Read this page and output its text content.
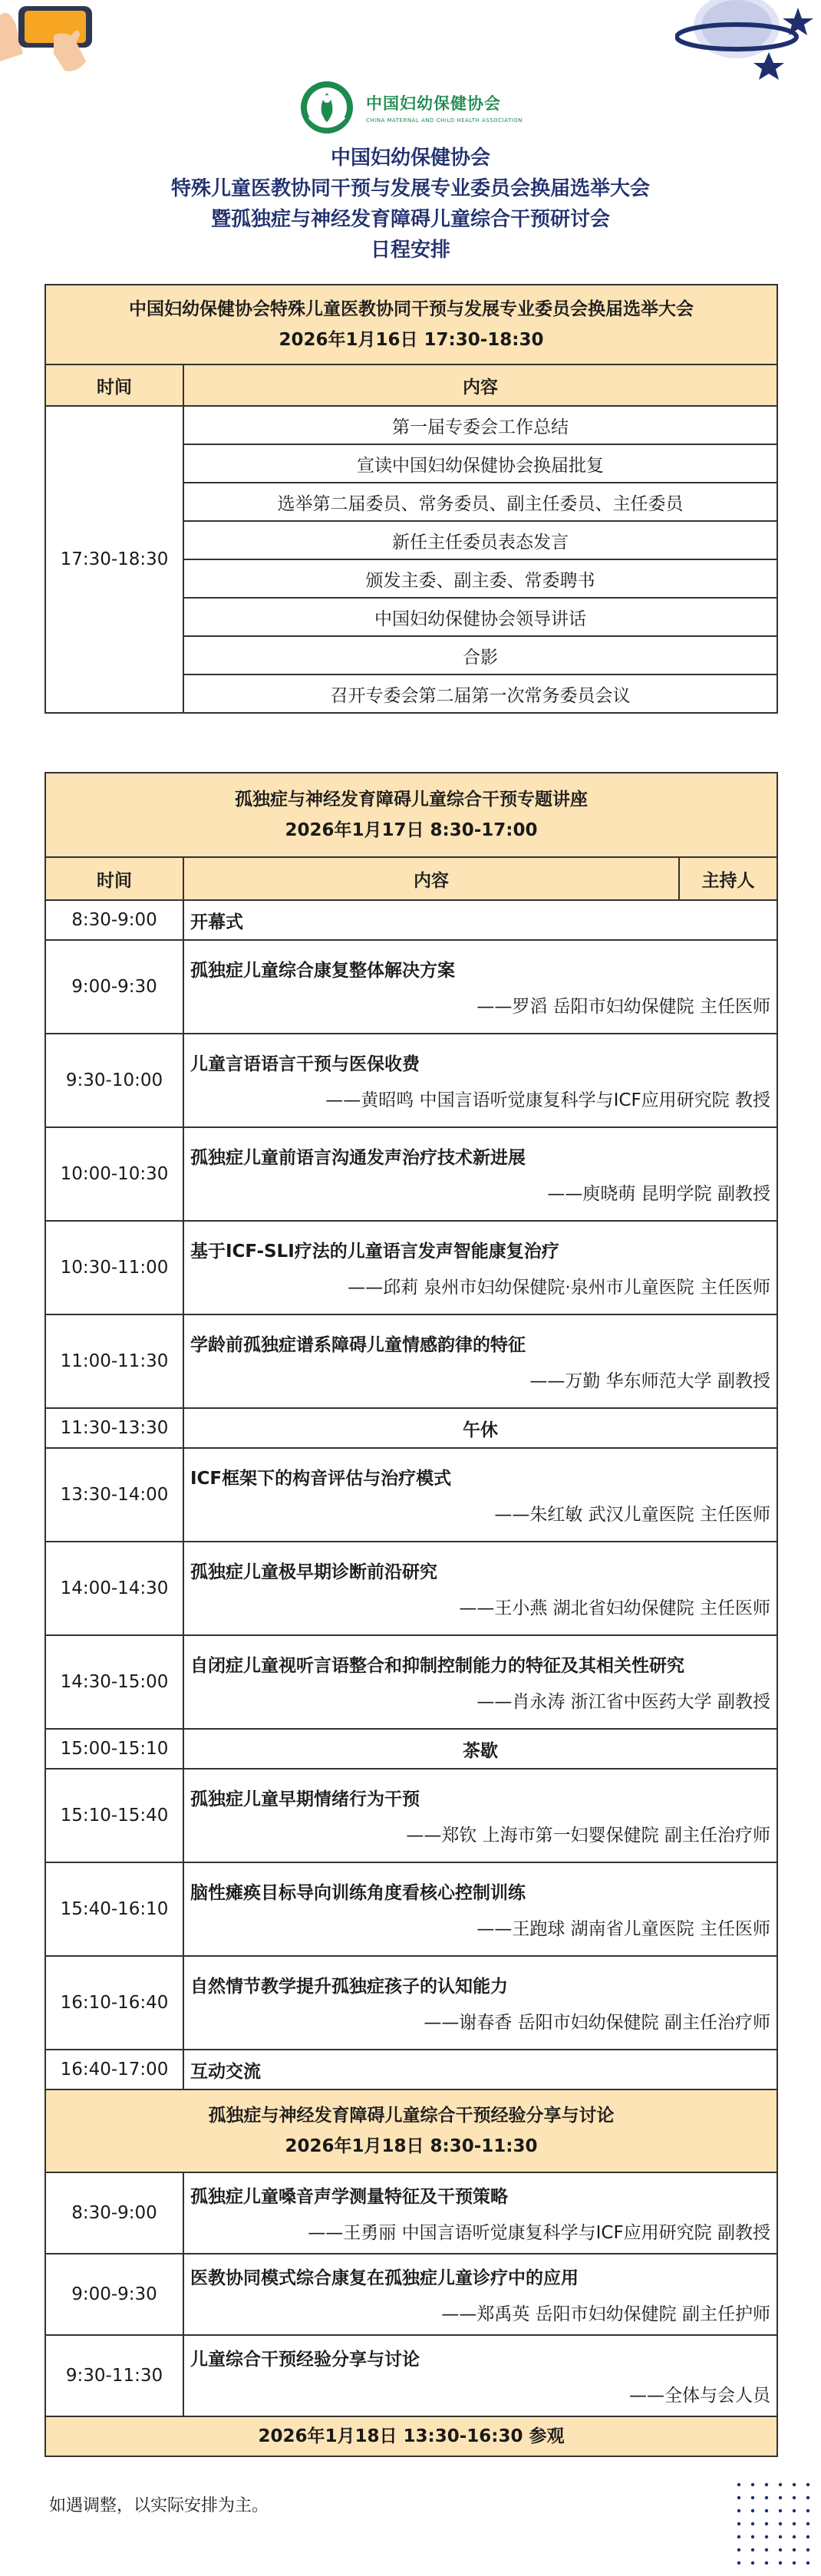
中国妇幼保健协会
CHINA MATERNAL AND CHILD HEALTH ASSOCIATION
中国妇幼保健协会
特殊儿童医教协同干预与发展专业委员会换届选举大会
暨孤独症与神经发育障碍儿童综合干预研讨会
日程安排
中国妇幼保健协会特殊儿童医教协同干预与发展专业委员会换届选举大会
2026年1月16日 17:30-18:30	

时间	内容
17:30-18:30	第一届专委会工作总结
	宣读中国妇幼保健协会换届批复
	选举第二届委员、常务委员、副主任委员、主任委员
	新任主任委员表态发言
	颁发主委、副主委、常委聘书
	中国妇幼保健协会领导讲话
	合影
	召开专委会第二届第一次常务委员会议
孤独症与神经发育障碍儿童综合干预专题讲座
2026年1月17日 8:30-17:00		

时间	内容	主持人
8:30-9:00	开幕式	
9:00-9:30	孤独症儿童综合康复整体解决方案
——罗滔 岳阳市妇幼保健院 主任医师	

9:30-10:00	儿童言语语言干预与医保收费
——黄昭鸣 中国言语听觉康复科学与ICF应用研究院 教授	

10:00-10:30	孤独症儿童前语言沟通发声治疗技术新进展
——庾晓萌 昆明学院 副教授	

10:30-11:00	基于ICF-SLI疗法的儿童语言发声智能康复治疗
——邱莉 泉州市妇幼保健院·泉州市儿童医院 主任医师	

11:00-11:30	学龄前孤独症谱系障碍儿童情感韵律的特征
——万勤 华东师范大学 副教授	

11:30-13:30	午休	
13:30-14:00	ICF框架下的构音评估与治疗模式
——朱红敏 武汉儿童医院 主任医师	

14:00-14:30	孤独症儿童极早期诊断前沿研究
——王小燕 湖北省妇幼保健院 主任医师	

14:30-15:00	自闭症儿童视听言语整合和抑制控制能力的特征及其相关性研究
——肖永涛 浙江省中医药大学 副教授	

15:00-15:10	茶歇	
15:10-15:40	孤独症儿童早期情绪行为干预
——郑钦 上海市第一妇婴保健院 副主任治疗师	

15:40-16:10	脑性瘫痪目标导向训练角度看核心控制训练
——王跑球 湖南省儿童医院 主任医师	

16:10-16:40	自然情节教学提升孤独症孩子的认知能力
——谢春香 岳阳市妇幼保健院 副主任治疗师	

16:40-17:00	互动交流	

孤独症与神经发育障碍儿童综合干预经验分享与讨论
2026年1月18日 8:30-11:30		

8:30-9:00	孤独症儿童嗓音声学测量特征及干预策略
——王勇丽 中国言语听觉康复科学与ICF应用研究院 副教授	

9:00-9:30	医教协同模式综合康复在孤独症儿童诊疗中的应用
——郑禹英 岳阳市妇幼保健院 副主任护师	

9:30-11:30	儿童综合干预经验分享与讨论
——全体与会人员	

2026年1月18日 13:30-16:30 参观		
如遇调整，以实际安排为主。
